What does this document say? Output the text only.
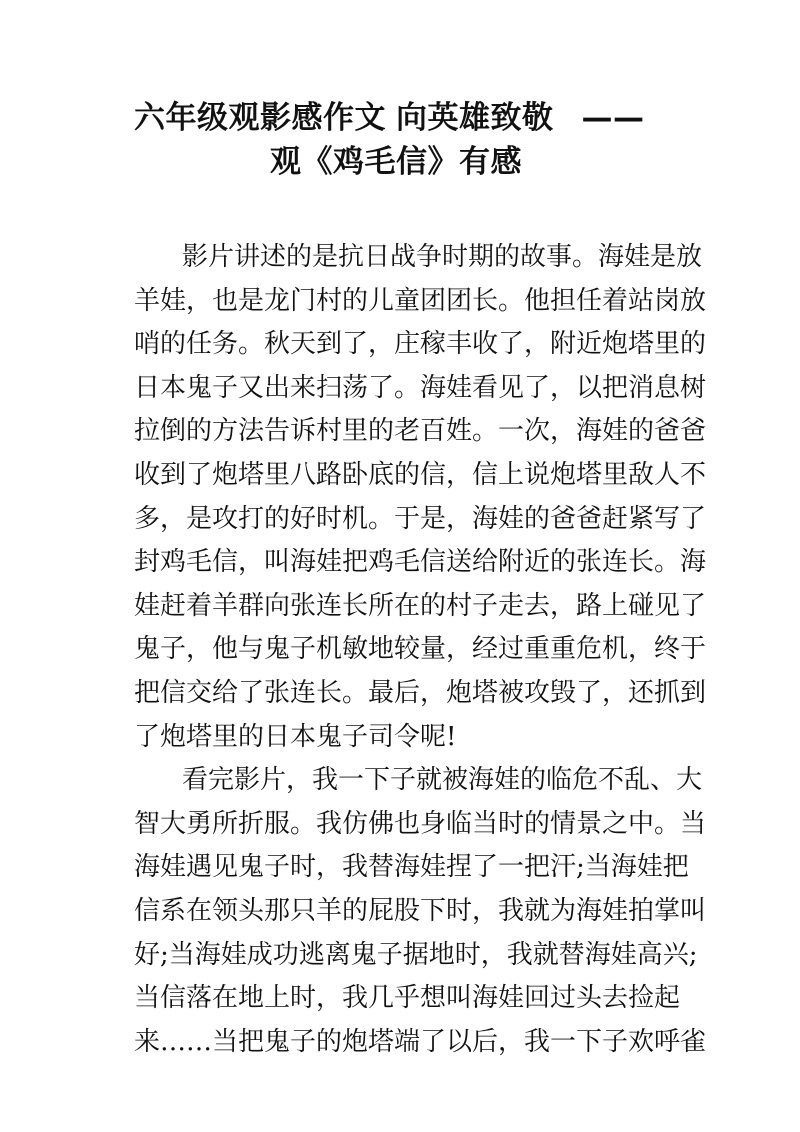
六年级观影感作文 向英雄致敬 ——
观《鸡毛信》有感
影片讲述的是抗日战争时期的故事。海娃是放
羊娃，也是龙门村的儿童团团长。他担任着站岗放
哨的任务。秋天到了，庄稼丰收了，附近炮塔里的
日本鬼子又出来扫荡了。海娃看见了，以把消息树
拉倒的方法告诉村里的老百姓。一次，海娃的爸爸
收到了炮塔里八路卧底的信，信上说炮塔里敌人不
多，是攻打的好时机。于是，海娃的爸爸赶紧写了
封鸡毛信，叫海娃把鸡毛信送给附近的张连长。海
娃赶着羊群向张连长所在的村子走去，路上碰见了
鬼子，他与鬼子机敏地较量，经过重重危机，终于
把信交给了张连长。最后，炮塔被攻毁了，还抓到
了炮塔里的日本鬼子司令呢!
看完影片，我一下子就被海娃的临危不乱、大
智大勇所折服。我仿佛也身临当时的情景之中。当
海娃遇见鬼子时，我替海娃捏了一把汗;当海娃把
信系在领头那只羊的屁股下时，我就为海娃拍掌叫
好;当海娃成功逃离鬼子据地时，我就替海娃高兴;
当信落在地上时，我几乎想叫海娃回过头去捡起
来……当把鬼子的炮塔端了以后，我一下子欢呼雀
